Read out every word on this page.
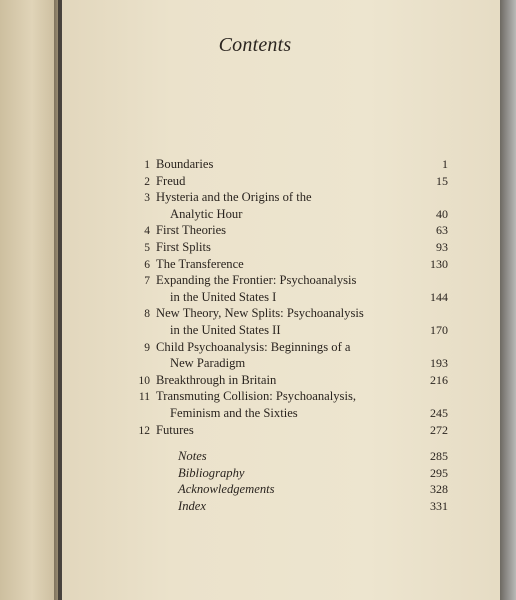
Contents
1 Boundaries	1
2 Freud	15
3 Hysteria and the Origins of the
Analytic Hour	40
4 First Theories	63
5 First Splits	93
6 The Transference	130
7 Expanding the Frontier: Psychoanalysis
in the United States I	144
8 New Theory, New Splits: Psychoanalysis
in the United States II	170
9 Child Psychoanalysis: Beginnings of a
New Paradigm	193
10 Breakthrough in Britain	216
11 Transmuting Collision: Psychoanalysis,
Feminism and the Sixties	245
12 Futures	272
Notes	285
Bibliography	295
Acknowledgements	328
Index	331
